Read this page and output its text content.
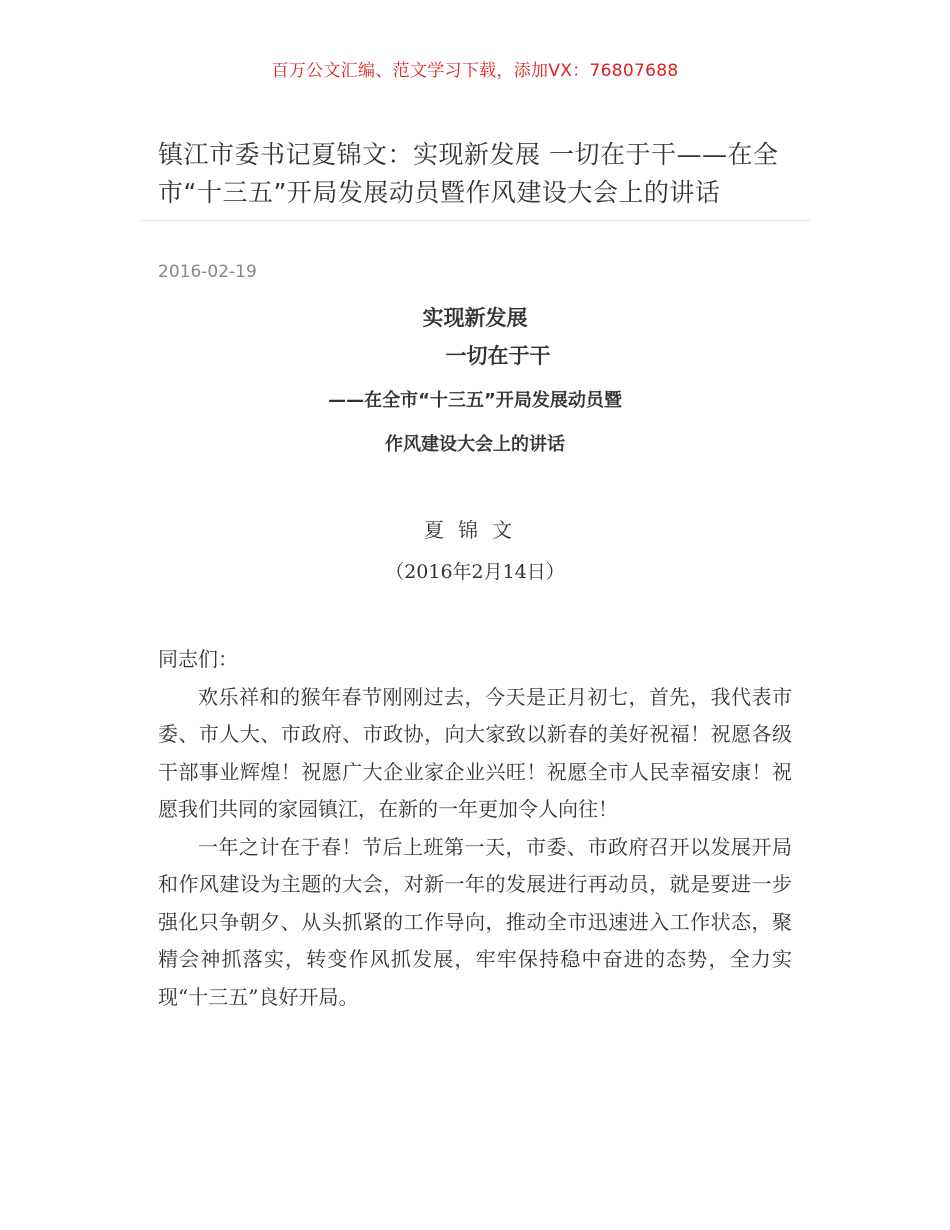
百万公文汇编、范文学习下载，添加VX：76807688
镇江市委书记夏锦文：实现新发展 一切在于干——在全市“十三五”开局发展动员暨作风建设大会上的讲话
2016-02-19
实现新发展
一切在于干
——在全市“十三五”开局发展动员暨
作风建设大会上的讲话
夏锦文
（2016年2月14日）

同志们：

欢乐祥和的猴年春节刚刚过去，今天是正月初七，首先，我代表市委、市人大、市政府、市政协，向大家致以新春的美好祝福！祝愿各级干部事业辉煌！祝愿广大企业家企业兴旺！祝愿全市人民幸福安康！祝愿我们共同的家园镇江，在新的一年更加令人向往！

一年之计在于春！节后上班第一天，市委、市政府召开以发展开局和作风建设为主题的大会，对新一年的发展进行再动员，就是要进一步强化只争朝夕、从头抓紧的工作导向，推动全市迅速进入工作状态，聚精会神抓落实，转变作风抓发展，牢牢保持稳中奋进的态势，全力实现“十三五”良好开局。
